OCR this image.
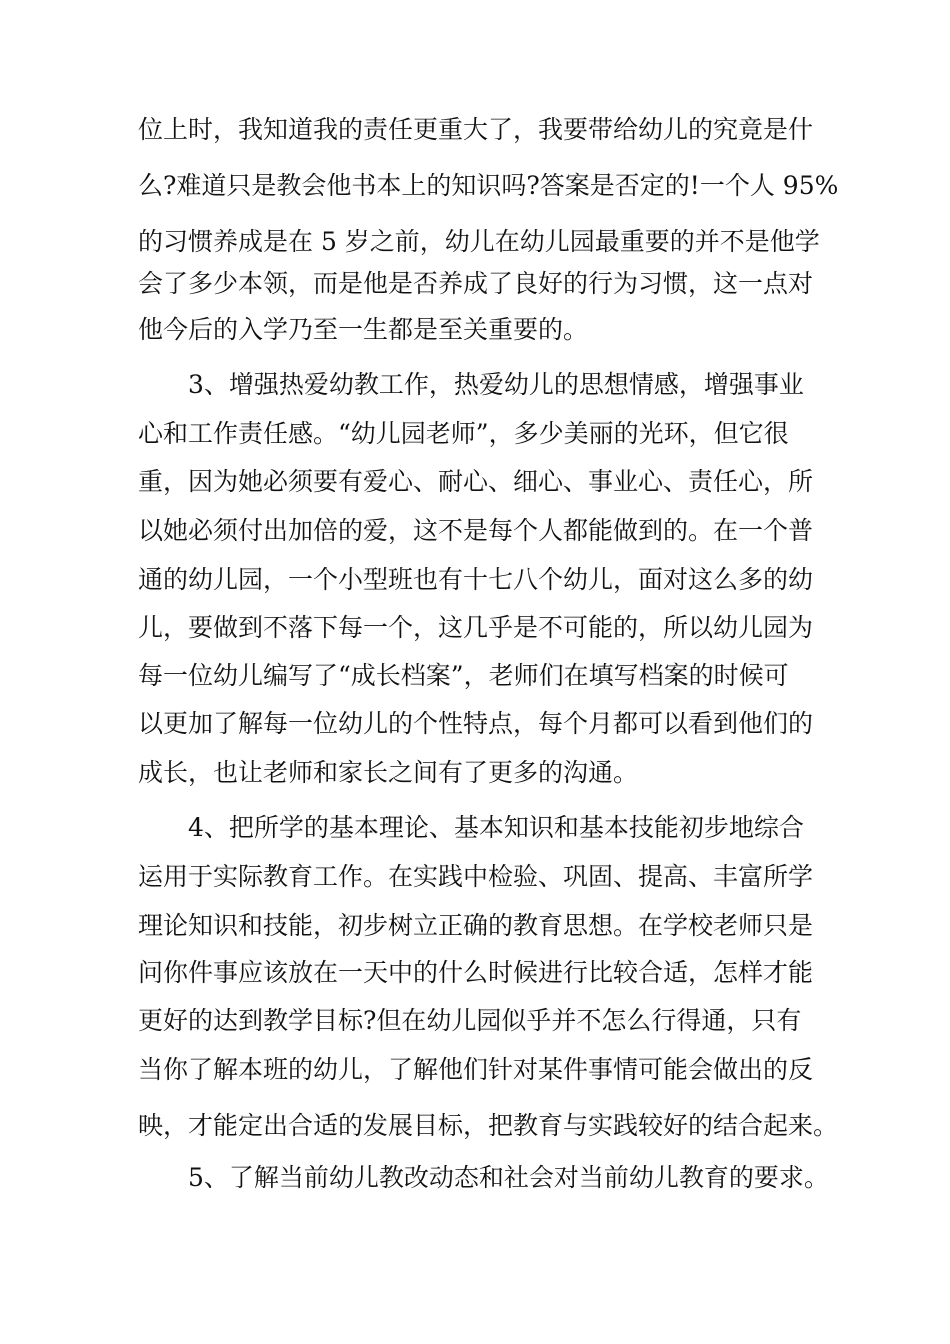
位上时，我知道我的责任更重大了，我要带给幼儿的究竟是什
么?难道只是教会他书本上的知识吗?答案是否定的!一个人 95%
的习惯养成是在 5 岁之前，幼儿在幼儿园最重要的并不是他学
会了多少本领，而是他是否养成了良好的行为习惯，这一点对
他今后的入学乃至一生都是至关重要的。
3、增强热爱幼教工作，热爱幼儿的思想情感，增强事业
心和工作责任感。“幼儿园老师”，多少美丽的光环，但它很
重，因为她必须要有爱心、耐心、细心、事业心、责任心，所
以她必须付出加倍的爱，这不是每个人都能做到的。在一个普
通的幼儿园，一个小型班也有十七八个幼儿，面对这么多的幼
儿，要做到不落下每一个，这几乎是不可能的，所以幼儿园为
每一位幼儿编写了“成长档案”，老师们在填写档案的时候可
以更加了解每一位幼儿的个性特点，每个月都可以看到他们的
成长，也让老师和家长之间有了更多的沟通。
4、把所学的基本理论、基本知识和基本技能初步地综合
运用于实际教育工作。在实践中检验、巩固、提高、丰富所学
理论知识和技能，初步树立正确的教育思想。在学校老师只是
问你件事应该放在一天中的什么时候进行比较合适，怎样才能
更好的达到教学目标?但在幼儿园似乎并不怎么行得通，只有
当你了解本班的幼儿，了解他们针对某件事情可能会做出的反
映，才能定出合适的发展目标，把教育与实践较好的结合起来。
5、了解当前幼儿教改动态和社会对当前幼儿教育的要求。
